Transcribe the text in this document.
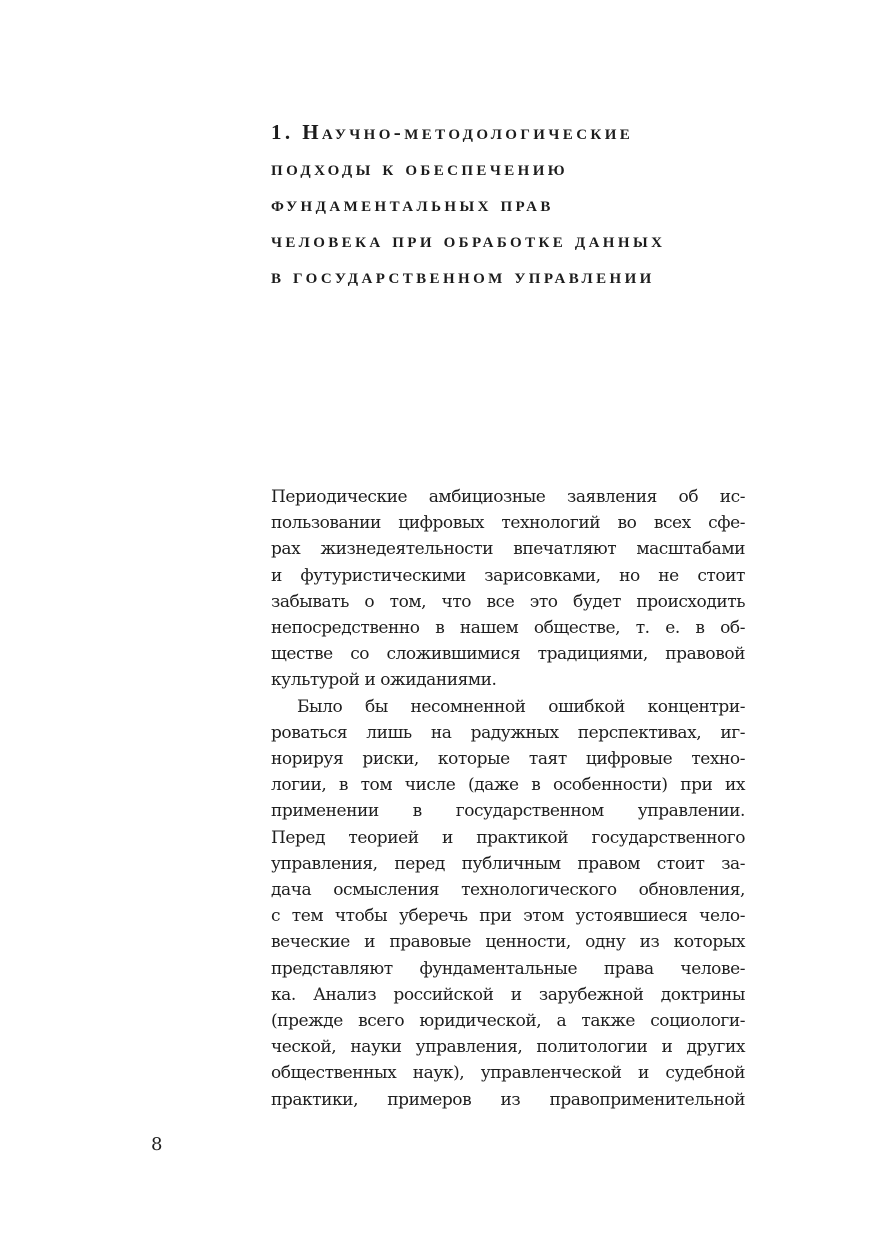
1. Научно-методологические
подходы к обеспечению
фундаментальных прав
человека при обработке данных
в государственном управлении

Периодические амбициозные заявления об ис-
пользовании цифровых технологий во всех сфе-
рах жизнедеятельности впечатляют масштабами
и футуристическими зарисовками, но не стоит
забывать о том, что все это будет происходить
непосредственно в нашем обществе, т. е. в об-
ществе со сложившимися традициями, правовой
культурой и ожиданиями.

Было бы несомненной ошибкой концентри-
роваться лишь на радужных перспективах, иг-
норируя риски, которые таят цифровые техно-
логии, в том числе (даже в особенности) при их
применении в государственном управлении.
Перед теорией и практикой государственного
управления, перед публичным правом стоит за-
дача осмысления технологического обновления,
с тем чтобы уберечь при этом устоявшиеся чело-
веческие и правовые ценности, одну из которых
представляют фундаментальные права челове-
ка. Анализ российской и зарубежной доктрины
(прежде всего юридической, а также социологи-
ческой, науки управления, политологии и других
общественных наук), управленческой и судебной
практики, примеров из правоприменительной

8
